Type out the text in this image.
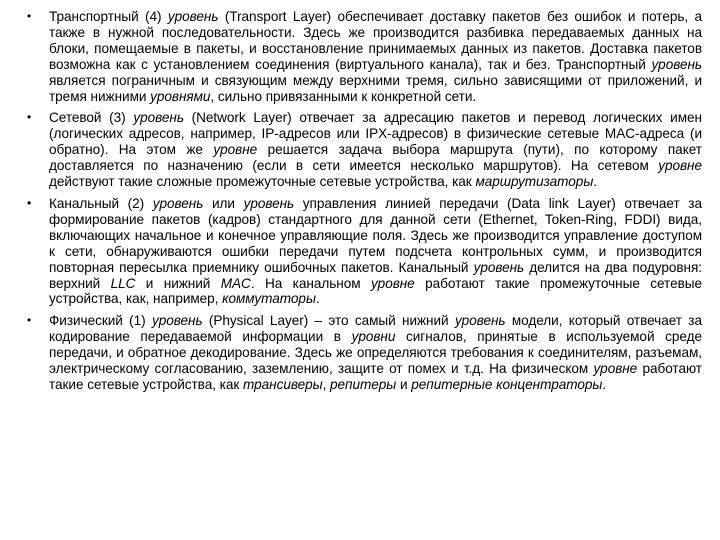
• Транспортный (4) уровень (Transport Layer) обеспечивает доставку пакетов без ошибок и потерь, а также в нужной последовательности. Здесь же производится разбивка передаваемых данных на блоки, помещаемые в пакеты, и восстановление принимаемых данных из пакетов. Доставка пакетов возможна как с установлением соединения (виртуального канала), так и без. Транспортный уровень является пограничным и связующим между верхними тремя, сильно зависящими от приложений, и тремя нижними уровнями, сильно привязанными к конкретной сети.
• Сетевой (3) уровень (Network Layer) отвечает за адресацию пакетов и перевод логических имен (логических адресов, например, IP-адресов или IPX-адресов) в физические сетевые MAC-адреса (и обратно). На этом же уровне решается задача выбора маршрута (пути), по которому пакет доставляется по назначению (если в сети имеется несколько маршрутов). На сетевом уровне действуют такие сложные промежуточные сетевые устройства, как маршрутизаторы.
• Канальный (2) уровень или уровень управления линией передачи (Data link Layer) отвечает за формирование пакетов (кадров) стандартного для данной сети (Ethernet, Token-Ring, FDDI) вида, включающих начальное и конечное управляющие поля. Здесь же производится управление доступом к сети, обнаруживаются ошибки передачи путем подсчета контрольных сумм, и производится повторная пересылка приемнику ошибочных пакетов. Канальный уровень делится на два подуровня: верхний LLC и нижний MAC. На канальном уровне работают такие промежуточные сетевые устройства, как, например, коммутаторы.
• Физический (1) уровень (Physical Layer) – это самый нижний уровень модели, который отвечает за кодирование передаваемой информации в уровни сигналов, принятые в используемой среде передачи, и обратное декодирование. Здесь же определяются требования к соединителям, разъемам, электрическому согласованию, заземлению, защите от помех и т.д. На физическом уровне работают такие сетевые устройства, как трансиверы, репитеры и репитерные концентраторы.
